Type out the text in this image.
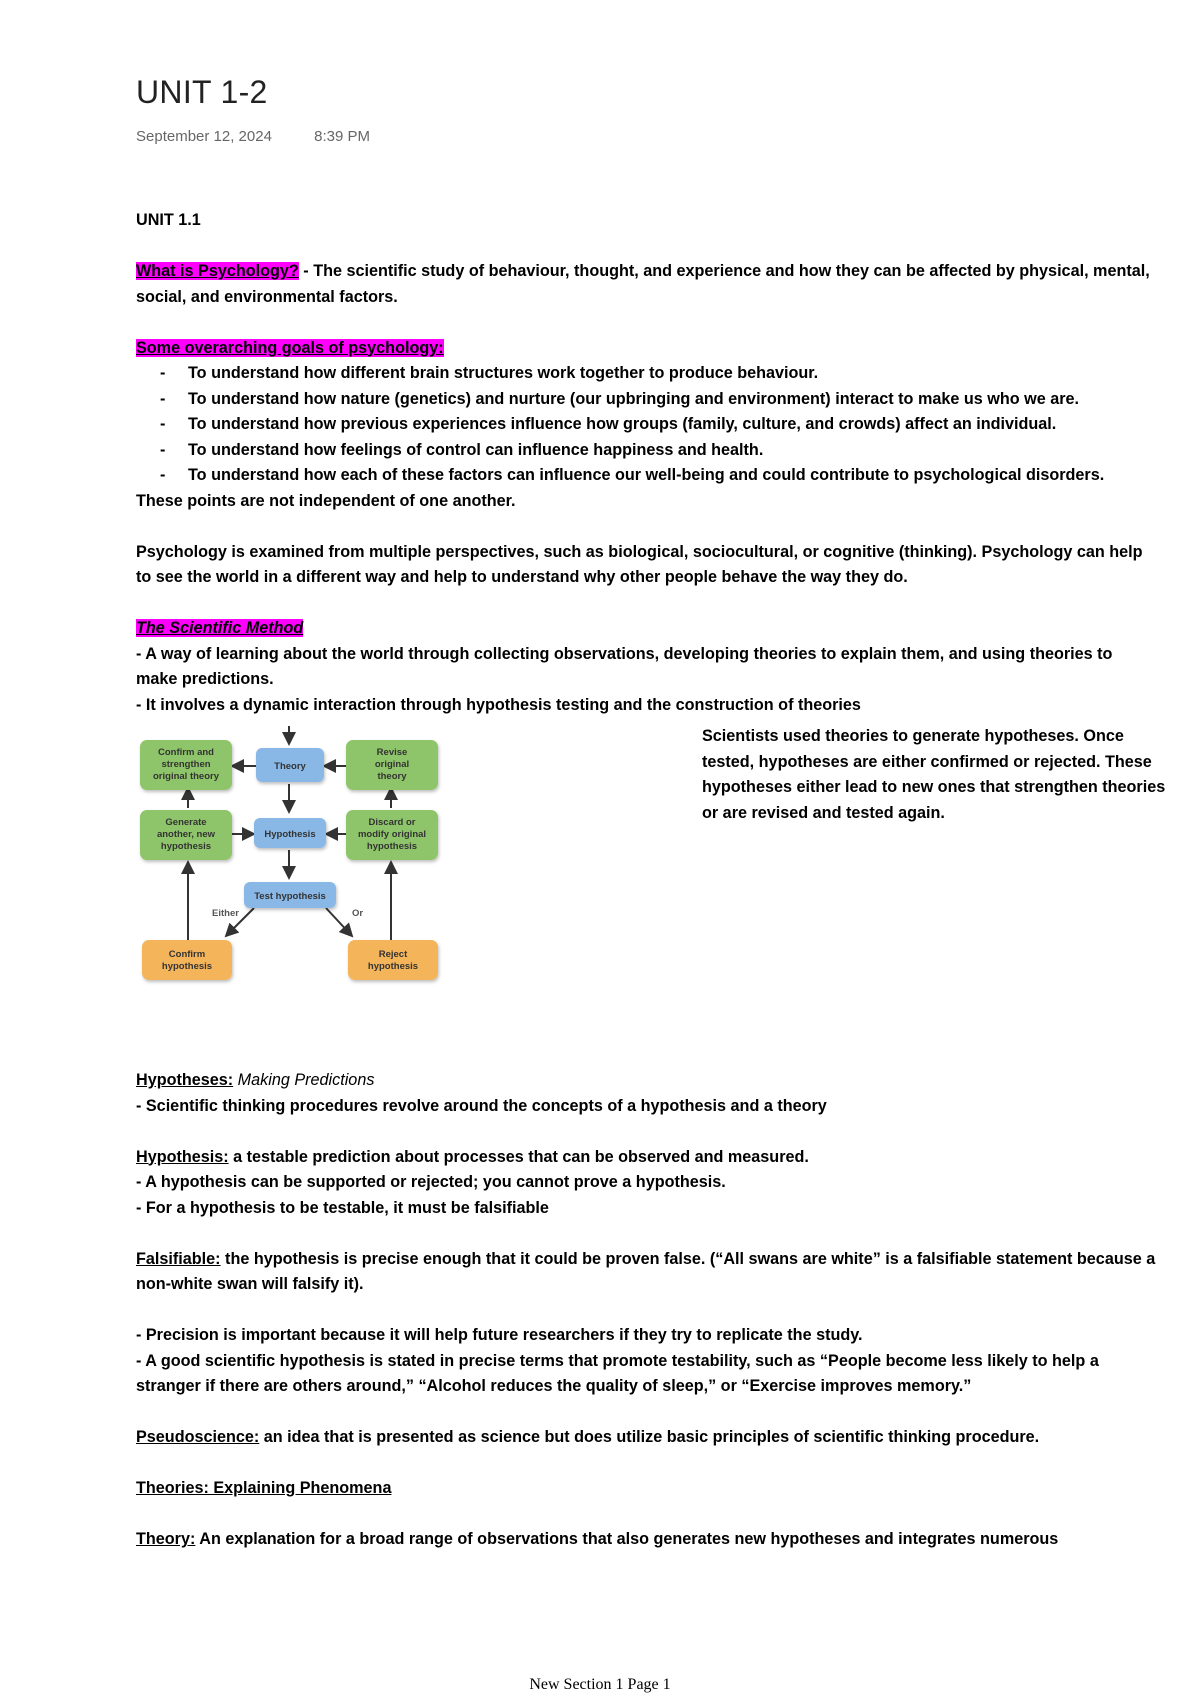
UNIT 1-2
September 12, 2024	8:39 PM

UNIT 1.1

What is Psychology? - The scientific study of behaviour, thought, and experience and how they can be affected by physical, mental, social, and environmental factors.

Some overarching goals of psychology:

- To understand how different brain structures work together to produce behaviour.
- To understand how nature (genetics) and nurture (our upbringing and environment) interact to make us who we are.
- To understand how previous experiences influence how groups (family, culture, and crowds) affect an individual.
- To understand how feelings of control can influence happiness and health.
- To understand how each of these factors can influence our well-being and could contribute to psychological disorders.

These points are not independent of one another.

Psychology is examined from multiple perspectives, such as biological, sociocultural, or cognitive (thinking). Psychology can help to see the world in a different way and help to understand why other people behave the way they do.

The Scientific Method

- A way of learning about the world through collecting observations, developing theories to explain them, and using theories to make predictions.

- It involves a dynamic interaction through hypothesis testing and the construction of theories

Confirm and
strengthen
original theory
Theory
Revise
original
theory
Generate
another, new
hypothesis
Hypothesis
Discard or
modify original
hypothesis
Test hypothesis
Confirm
hypothesis
Reject
hypothesis
Either	Or

Scientists used theories to generate hypotheses. Once tested, hypotheses are either confirmed or rejected. These hypotheses either lead to new ones that strengthen theories or are revised and tested again.

Hypotheses: Making Predictions

- Scientific thinking procedures revolve around the concepts of a hypothesis and a theory

Hypothesis: a testable prediction about processes that can be observed and measured.

- A hypothesis can be supported or rejected; you cannot prove a hypothesis.

- For a hypothesis to be testable, it must be falsifiable

Falsifiable: the hypothesis is precise enough that it could be proven false. (“All swans are white” is a falsifiable statement because a non-white swan will falsify it).

- Precision is important because it will help future researchers if they try to replicate the study.

- A good scientific hypothesis is stated in precise terms that promote testability, such as “People become less likely to help a stranger if there are others around,” “Alcohol reduces the quality of sleep,” or “Exercise improves memory.”

Pseudoscience: an idea that is presented as science but does utilize basic principles of scientific thinking procedure.

Theories: Explaining Phenomena

Theory: An explanation for a broad range of observations that also generates new hypotheses and integrates numerous

New Section 1 Page 1
